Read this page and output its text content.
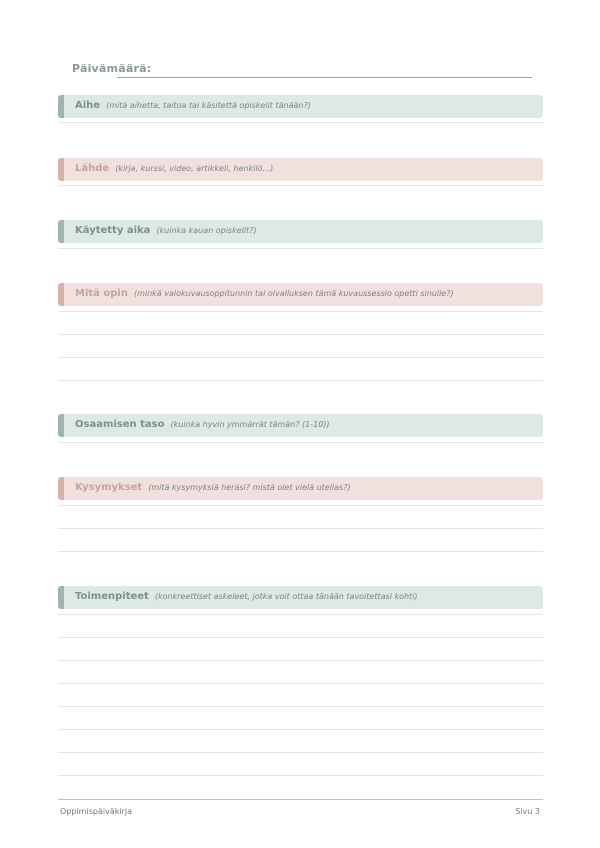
Päivämäärä:
Aihe (mitä aihetta, taitoa tai käsitettä opiskelit tänään?)
Lähde (kirja, kurssi, video, artikkeli, henkilö...)
Käytetty aika (kuinka kauan opiskelit?)
Mitä opin (minkä valokuvausoppitunnin tai oivalluksen tämä kuvaussessio opetti sinulle?)
Osaamisen taso (kuinka hyvin ymmärrät tämän? (1-10))
Kysymykset (mitä kysymyksiä heräsi? mistä olet vielä utelias?)
Toimenpiteet (konkreettiset askeleet, jotka voit ottaa tänään tavoitettasi kohti)
Oppimispäiväkirja	Sivu 3
